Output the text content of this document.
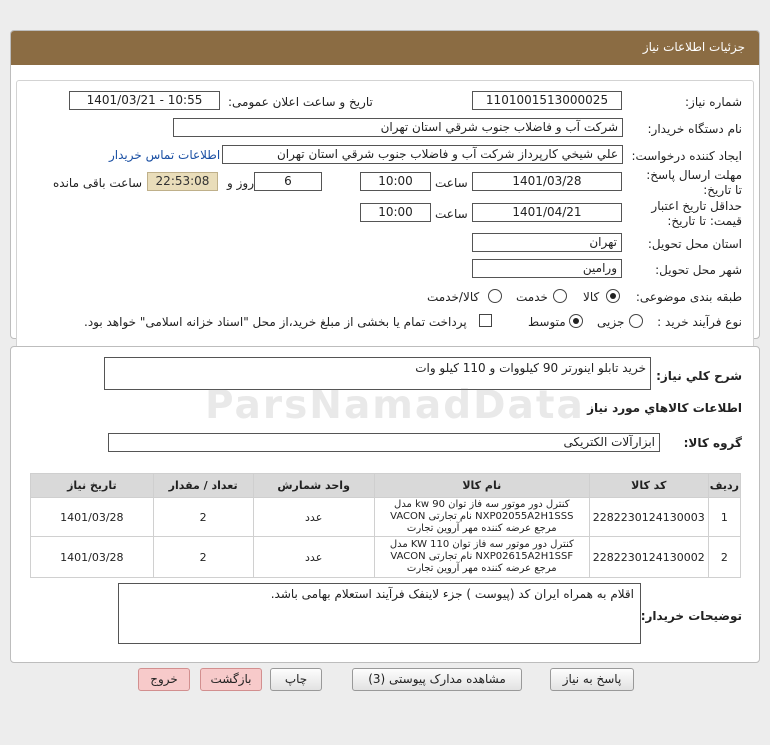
جزئیات اطلاعات نیاز
شماره نیاز:
1101001513000025
تاریخ و ساعت اعلان عمومی:
1401/03/21 - 10:55
نام دستگاه خریدار:
شرکت آب و فاضلاب جنوب شرقي استان تهران
ایجاد کننده درخواست:
علي شيخي كارپرداز شرکت آب و فاضلاب جنوب شرقي استان تهران
اطلاعات تماس خریدار
مهلت ارسال پاسخ: تا تاریخ:
1401/03/28
ساعت
10:00
6
روز و
22:53:08
ساعت باقی مانده
حداقل تاریخ اعتبار قیمت: تا تاریخ:
1401/04/21
ساعت
10:00
استان محل تحویل:
تهران
شهر محل تحویل:
ورامين
طبقه بندی موضوعی:
کالا
خدمت
کالا/خدمت
نوع فرآیند خرید :
جزیی
متوسط
پرداخت تمام یا بخشی از مبلغ خرید،از محل "اسناد خزانه اسلامی" خواهد بود.
شرح کلي نياز:
خرید تابلو اینورتر 90 کیلووات و 110 کیلو وات
اطلاعات کالاهاي مورد نياز
گروه کالا:
ابزارآلات الکتریکی
ردیف	کد کالا	نام کالا	واحد شمارش	تعداد / مقدار	تاریخ نیاز
1	2282230124130003	کنترل دور موتور سه فاز توان kw 90 مدل NXP02055A2H1SSS نام تجارتی VACON مرجع عرضه کننده مهر آروین تجارت	عدد	2	1401/03/28
2	2282230124130002	کنترل دور موتور سه فاز توان KW 110 مدل NXP02615A2H1SSF نام تجارتی VACON مرجع عرضه کننده مهر آروین تجارت	عدد	2	1401/03/28
توضیحات خریدار:
اقلام به همراه ایران کد (پیوست ) جزء لاینفک فرآیند استعلام بهامی باشد.
پاسخ به نیاز
مشاهده مدارک پیوستی (3)
چاپ
بازگشت
خروج
